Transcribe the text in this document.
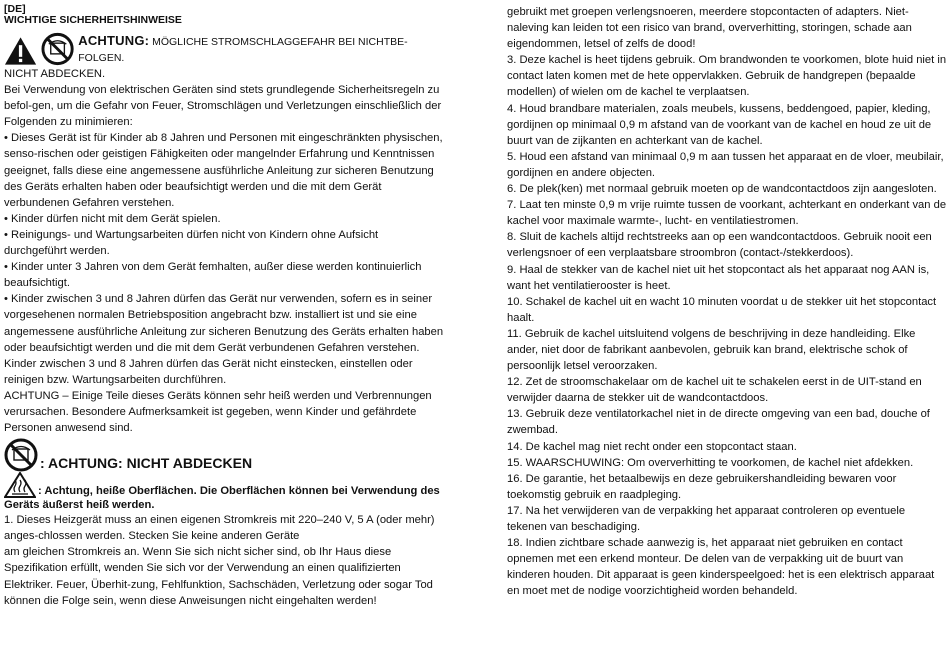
[DE]

WICHTIGE SICHERHEITSHINWEISE

ACHTUNG: MÖGLICHE STROMSCHLAGGEFAHR BEI NICHTBE-FOLGEN.

NICHT ABDECKEN.

Bei Verwendung von elektrischen Geräten sind stets grundlegende Sicherheitsregeln zu befol-gen, um die Gefahr von Feuer, Stromschlägen und Verletzungen einschließlich der Folgenden zu minimieren:

• Dieses Gerät ist für Kinder ab 8 Jahren und Personen mit eingeschränkten physischen, senso-rischen oder geistigen Fähigkeiten oder mangelnder Erfahrung und Kenntnissen geeignet, falls diese eine angemessene ausführliche Anleitung zur sicheren Benutzung des Geräts erhalten haben oder beaufsichtigt werden und die mit dem Gerät verbundenen Gefahren verstehen.

• Kinder dürfen nicht mit dem Gerät spielen.

• Reinigungs- und Wartungsarbeiten dürfen nicht von Kindern ohne Aufsicht durchgeführt werden.

• Kinder unter 3 Jahren von dem Gerät femhalten, außer diese werden kontinuierlich beaufsichtigt.

• Kinder zwischen 3 und 8 Jahren dürfen das Gerät nur verwenden, sofern es in seiner vorgesehenen normalen Betriebsposition angebracht bzw. installiert ist und sie eine angemessene ausführliche Anleitung zur sicheren Benutzung des Geräts erhalten haben oder beaufsichtigt werden und die mit dem Gerät verbundenen Gefahren verstehen. Kinder zwischen 3 und 8 Jahren dürfen das Gerät nicht einstecken, einstellen oder reinigen bzw. Wartungsarbeiten durchführen.

ACHTUNG – Einige Teile dieses Geräts können sehr heiß werden und Verbrennungen verursachen. Besondere Aufmerksamkeit ist gegeben, wenn Kinder und gefährdete Personen anwesend sind.

: ACHTUNG: NICHT ABDECKEN

: Achtung, heiße Oberflächen. Die Oberflächen können bei Verwendung des Geräts äußerst heiß werden.

1. Dieses Heizgerät muss an einen eigenen Stromkreis mit 220–240 V, 5 A (oder mehr) anges-chlossen werden. Stecken Sie keine anderen Geräte

am gleichen Stromkreis an. Wenn Sie sich nicht sicher sind, ob Ihr Haus diese Spezifikation erfüllt, wenden Sie sich vor der Verwendung an einen qualifizierten Elektriker. Feuer, Überhit-zung, Fehlfunktion, Sachschäden, Verletzung oder sogar Tod können die Folge sein, wenn diese Anweisungen nicht eingehalten werden!

gebruikt met groepen verlengsnoeren, meerdere stopcontacten of adapters. Niet-naleving kan leiden tot een risico van brand, oververhitting, storingen, schade aan eigendommen, letsel of zelfs de dood!

3. Deze kachel is heet tijdens gebruik. Om brandwonden te voorkomen, blote huid niet in contact laten komen met de hete oppervlakken. Gebruik de handgrepen (bepaalde modellen) of wielen om de kachel te verplaatsen.

4. Houd brandbare materialen, zoals meubels, kussens, beddengoed, papier, kleding, gordijnen op minimaal 0,9 m afstand van de voorkant van de kachel en houd ze uit de buurt van de zijkanten en achterkant van de kachel.

5. Houd een afstand van minimaal 0,9 m aan tussen het apparaat en de vloer, meubilair, gordijnen en andere objecten.

6. De plek(ken) met normaal gebruik moeten op de wandcontactdoos zijn aangesloten.

7. Laat ten minste 0,9 m vrije ruimte tussen de voorkant, achterkant en onderkant van de kachel voor maximale warmte-, lucht- en ventilatiestromen.

8. Sluit de kachels altijd rechtstreeks aan op een wandcontactdoos. Gebruik nooit een verlengsnoer of een verplaatsbare stroombron (contact-/stekkerdoos).

9. Haal de stekker van de kachel niet uit het stopcontact als het apparaat nog AAN is, want het ventilatierooster is heet.

10. Schakel de kachel uit en wacht 10 minuten voordat u de stekker uit het stopcontact haalt.

11. Gebruik de kachel uitsluitend volgens de beschrijving in deze handleiding. Elke ander, niet door de fabrikant aanbevolen, gebruik kan brand, elektrische schok of persoonlijk letsel veroorzaken.

12. Zet de stroomschakelaar om de kachel uit te schakelen eerst in de UIT-stand en verwijder daarna de stekker uit de wandcontactdoos.

13. Gebruik deze ventilatorkachel niet in de directe omgeving van een bad, douche of zwembad.

14. De kachel mag niet recht onder een stopcontact staan.

15. WAARSCHUWING: Om oververhitting te voorkomen, de kachel niet afdekken.

16. De garantie, het betaalbewijs en deze gebruikershandleiding bewaren voor toekomstig gebruik en raadpleging.

17. Na het verwijderen van de verpakking het apparaat controleren op eventuele tekenen van beschadiging.

18. Indien zichtbare schade aanwezig is, het apparaat niet gebruiken en contact opnemen met een erkend monteur. De delen van de verpakking uit de buurt van kinderen houden. Dit apparaat is geen kinderspeelgoed: het is een elektrisch apparaat en moet met de nodige voorzichtigheid worden behandeld.
